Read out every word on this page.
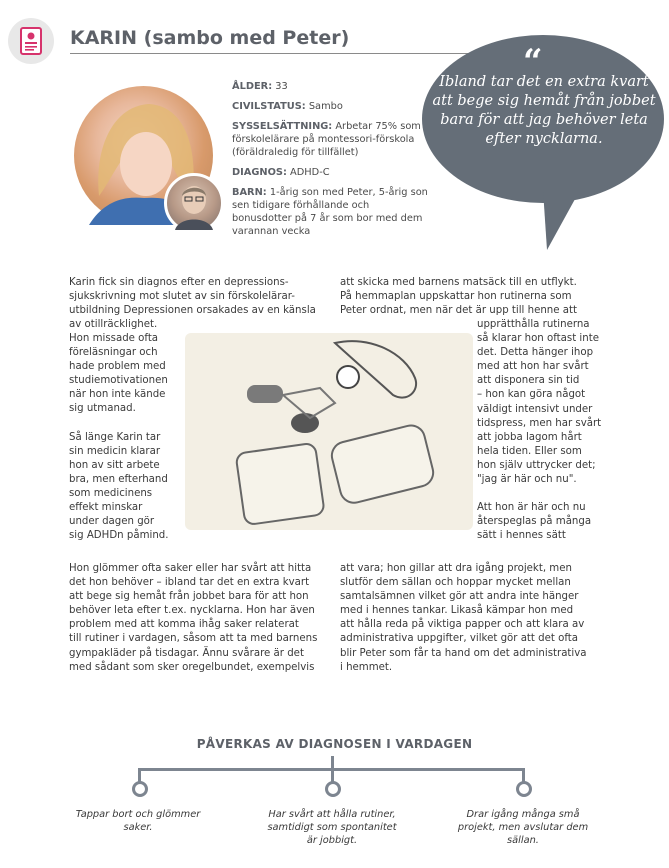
KARIN (sambo med Peter)
“
Ibland tar det en extra kvart att bege sig hemåt från jobbet bara för att jag behöver leta efter nycklarna.

ÅLDER: 33

CIVILSTATUS: Sambo

SYSSELSÄTTNING: Arbetar 75% som förskolelärare på montessori-förskola (föräldraledig för tillfället)

DIAGNOS: ADHD-C

BARN: 1-årig son med Peter, 5-årig son sen tidigare förhållande och bonusdotter på 7 år som bor med dem varannan vecka

Karin fick sin diagnos efter en depressions-

sjukskrivning mot slutet av sin förskolelärar-

utbildning Depressionen orsakades av en känsla

av otillräcklighet.

Hon missade ofta

föreläsningar och

hade problem med

studiemotivationen

när hon inte kände

sig utmanad.

Så länge Karin tar

sin medicin klarar

hon av sitt arbete

bra, men efterhand

som medicinens

effekt minskar

under dagen gör

sig ADHDn påmind.

Hon glömmer ofta saker eller har svårt att hitta

det hon behöver – ibland tar det en extra kvart

att bege sig hemåt från jobbet bara för att hon

behöver leta efter t.ex. nycklarna. Hon har även

problem med att komma ihåg saker relaterat

till rutiner i vardagen, såsom att ta med barnens

gympakläder på tisdagar. Ännu svårare är det

med sådant som sker oregelbundet, exempelvis

att skicka med barnens matsäck till en utflykt.

På hemmaplan uppskattar hon rutinerna som

Peter ordnat, men när det är upp till henne att

upprätthålla rutinerna

så klarar hon oftast inte

det. Detta hänger ihop

med att hon har svårt

att disponera sin tid

– hon kan göra något

väldigt intensivt under

tidspress, men har svårt

att jobba lagom hårt

hela tiden. Eller som

hon själv uttrycker det;

"jag är här och nu".

Att hon är här och nu

återspeglas på många

sätt i hennes sätt

att vara; hon gillar att dra igång projekt, men

slutför dem sällan och hoppar mycket mellan

samtalsämnen vilket gör att andra inte hänger

med i hennes tankar. Likaså kämpar hon med

att hålla reda på viktiga papper och att klara av

administrativa uppgifter, vilket gör att det ofta

blir Peter som får ta hand om det administrativa

i hemmet.

PÅVERKAS AV DIAGNOSEN I VARDAGEN
Tappar bort och glömmer saker.
Har svårt att hålla rutiner, samtidigt som spontanitet är jobbigt.
Drar igång många små projekt, men avslutar dem sällan.
